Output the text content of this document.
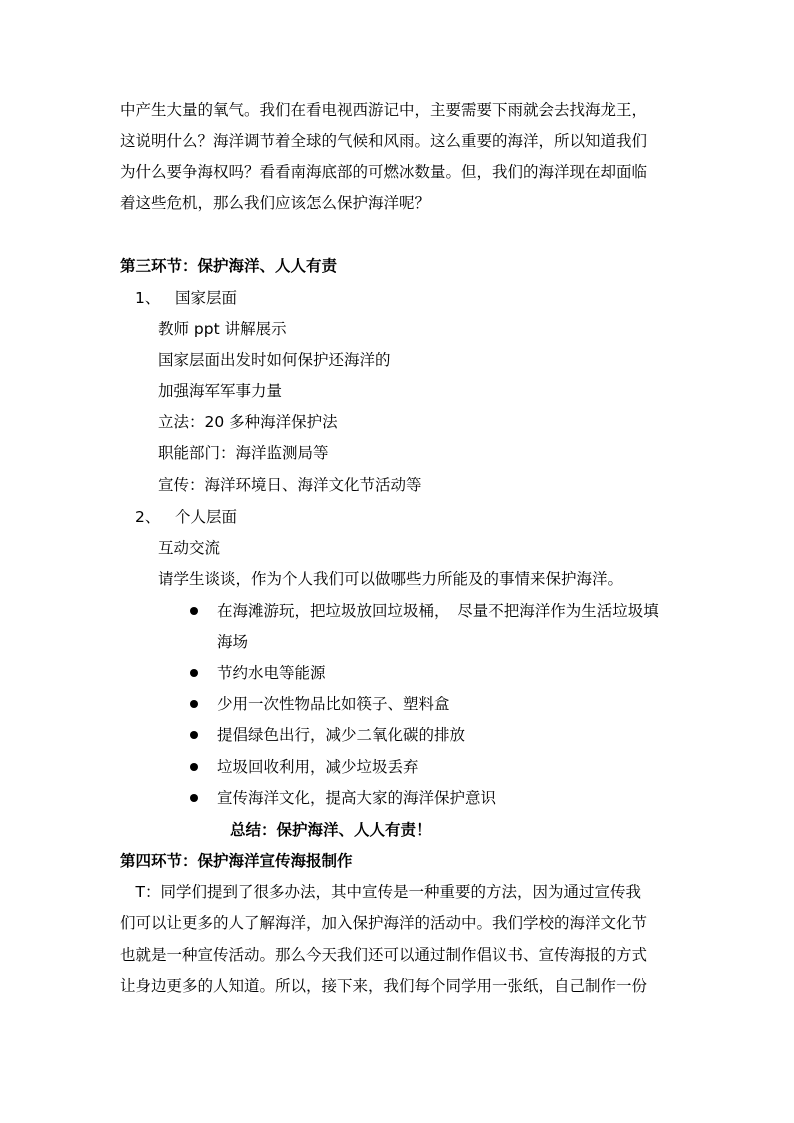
中产生大量的氧气。我们在看电视西游记中，主要需要下雨就会去找海龙王，
这说明什么？海洋调节着全球的气候和风雨。这么重要的海洋，所以知道我们
为什么要争海权吗？看看南海底部的可燃冰数量。但，我们的海洋现在却面临
着这些危机，那么我们应该怎么保护海洋呢？
第三环节：保护海洋、人人有责
1、 国家层面
教师 ppt 讲解展示
国家层面出发时如何保护还海洋的
加强海军军事力量
立法：20 多种海洋保护法
职能部门：海洋监测局等
宣传：海洋环境日、海洋文化节活动等
2、 个人层面
互动交流
请学生谈谈，作为个人我们可以做哪些力所能及的事情来保护海洋。
在海滩游玩，把垃圾放回垃圾桶，　尽量不把海洋作为生活垃圾填
海场
节约水电等能源
少用一次性物品比如筷子、塑料盒
提倡绿色出行，减少二氧化碳的排放
垃圾回收利用，减少垃圾丢弃
宣传海洋文化，提高大家的海洋保护意识
总结：保护海洋、人人有责！
第四环节：保护海洋宣传海报制作
　T：同学们提到了很多办法，其中宣传是一种重要的方法，因为通过宣传我
们可以让更多的人了解海洋，加入保护海洋的活动中。我们学校的海洋文化节
也就是一种宣传活动。那么今天我们还可以通过制作倡议书、宣传海报的方式
让身边更多的人知道。所以，接下来，我们每个同学用一张纸，自己制作一份
